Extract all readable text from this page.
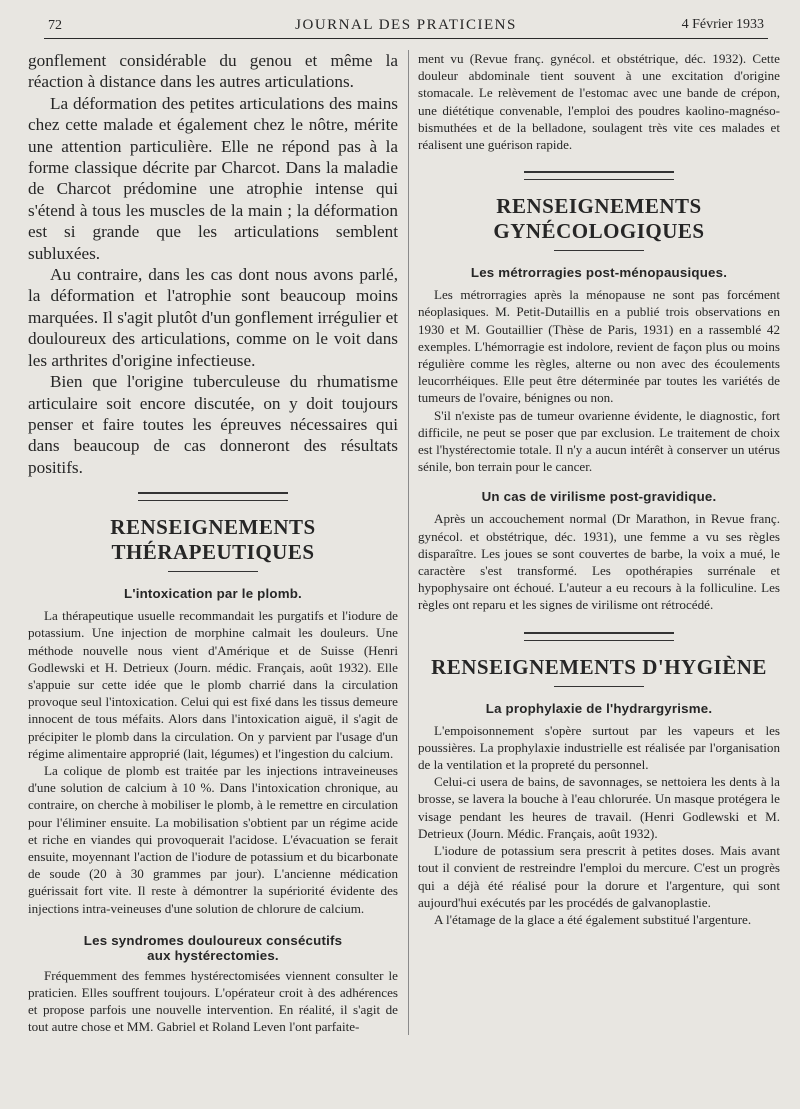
72	JOURNAL DES PRATICIENS	4 Février 1933

gonflement considérable du genou et même la réaction à distance dans les autres articulations.

La déformation des petites articulations des mains chez cette malade et également chez le nôtre, mérite une attention particulière. Elle ne répond pas à la forme classique décrite par Charcot. Dans la maladie de Charcot prédomine une atrophie intense qui s'étend à tous les muscles de la main ; la déformation est si grande que les articulations semblent subluxées.

Au contraire, dans les cas dont nous avons parlé, la déformation et l'atrophie sont beaucoup moins marquées. Il s'agit plutôt d'un gonflement irrégulier et douloureux des articulations, comme on le voit dans les arthrites d'origine infectieuse.

Bien que l'origine tuberculeuse du rhumatisme articulaire soit encore discutée, on y doit toujours penser et faire toutes les épreuves nécessaires qui dans beaucoup de cas donneront des résultats positifs.

RENSEIGNEMENTS THÉRAPEUTIQUES
L'intoxication par le plomb.

La thérapeutique usuelle recommandait les purgatifs et l'iodure de potassium. Une injection de morphine calmait les douleurs. Une méthode nouvelle nous vient d'Amérique et de Suisse (Henri Godlewski et H. Detrieux (Journ. médic. Français, août 1932). Elle s'appuie sur cette idée que le plomb charrié dans la circulation provoque seul l'intoxication. Celui qui est fixé dans les tissus demeure innocent de tous méfaits. Alors dans l'intoxication aiguë, il s'agit de précipiter le plomb dans la circulation. On y parvient par l'usage d'un régime alimentaire approprié (lait, légumes) et l'ingestion du calcium.

La colique de plomb est traitée par les injections intraveineuses d'une solution de calcium à 10 %. Dans l'intoxication chronique, au contraire, on cherche à mobiliser le plomb, à le remettre en circulation pour l'éliminer ensuite. La mobilisation s'obtient par un régime acide et riche en viandes qui provoquerait l'acidose. L'évacuation se ferait ensuite, moyennant l'action de l'iodure de potassium et du bicarbonate de soude (20 à 30 grammes par jour). L'ancienne médication guérissait fort vite. Il reste à démontrer la supériorité évidente des injections intra-veineuses d'une solution de chlorure de calcium.

Les syndromes douloureux consécutifs
aux hystérectomies.

Fréquemment des femmes hystérectomisées viennent consulter le praticien. Elles souffrent toujours. L'opérateur croit à des adhérences et propose parfois une nouvelle intervention. En réalité, il s'agit de tout autre chose et MM. Gabriel et Roland Leven l'ont parfaite-

ment vu (Revue franç. gynécol. et obstétrique, déc. 1932). Cette douleur abdominale tient souvent à une excitation d'origine stomacale. Le relèvement de l'estomac avec une bande de crépon, une diététique convenable, l'emploi des poudres kaolino-magnéso-bismuthées et de la belladone, soulagent très vite ces malades et réalisent une guérison rapide.

RENSEIGNEMENTS GYNÉCOLOGIQUES
Les métrorragies post-ménopausiques.

Les métrorragies après la ménopause ne sont pas forcément néoplasiques. M. Petit-Dutaillis en a publié trois observations en 1930 et M. Goutaillier (Thèse de Paris, 1931) en a rassemblé 42 exemples. L'hémorragie est indolore, revient de façon plus ou moins régulière comme les règles, alterne ou non avec des écoulements leucorrhéiques. Elle peut être déterminée par toutes les variétés de tumeurs de l'ovaire, bénignes ou non.

S'il n'existe pas de tumeur ovarienne évidente, le diagnostic, fort difficile, ne peut se poser que par exclusion. Le traitement de choix est l'hystérectomie totale. Il n'y a aucun intérêt à conserver un utérus sénile, bon terrain pour le cancer.

Un cas de virilisme post-gravidique.

Après un accouchement normal (Dr Marathon, in Revue franç. gynécol. et obstétrique, déc. 1931), une femme a vu ses règles disparaître. Les joues se sont couvertes de barbe, la voix a mué, le caractère s'est transformé. Les opothérapies surrénale et hypophysaire ont échoué. L'auteur a eu recours à la folliculine. Les règles ont reparu et les signes de virilisme ont rétrocédé.

RENSEIGNEMENTS D'HYGIÈNE
La prophylaxie de l'hydrargyrisme.

L'empoisonnement s'opère surtout par les vapeurs et les poussières. La prophylaxie industrielle est réalisée par l'organisation de la ventilation et la propreté du personnel.

Celui-ci usera de bains, de savonnages, se nettoiera les dents à la brosse, se lavera la bouche à l'eau chlorurée. Un masque protégera le visage pendant les heures de travail. (Henri Godlewski et M. Detrieux (Journ. Médic. Français, août 1932).

L'iodure de potassium sera prescrit à petites doses. Mais avant tout il convient de restreindre l'emploi du mercure. C'est un progrès qui a déjà été réalisé pour la dorure et l'argenture, qui sont aujourd'hui exécutés par les procédés de galvanoplastie.

A l'étamage de la glace a été également substitué l'argenture.
